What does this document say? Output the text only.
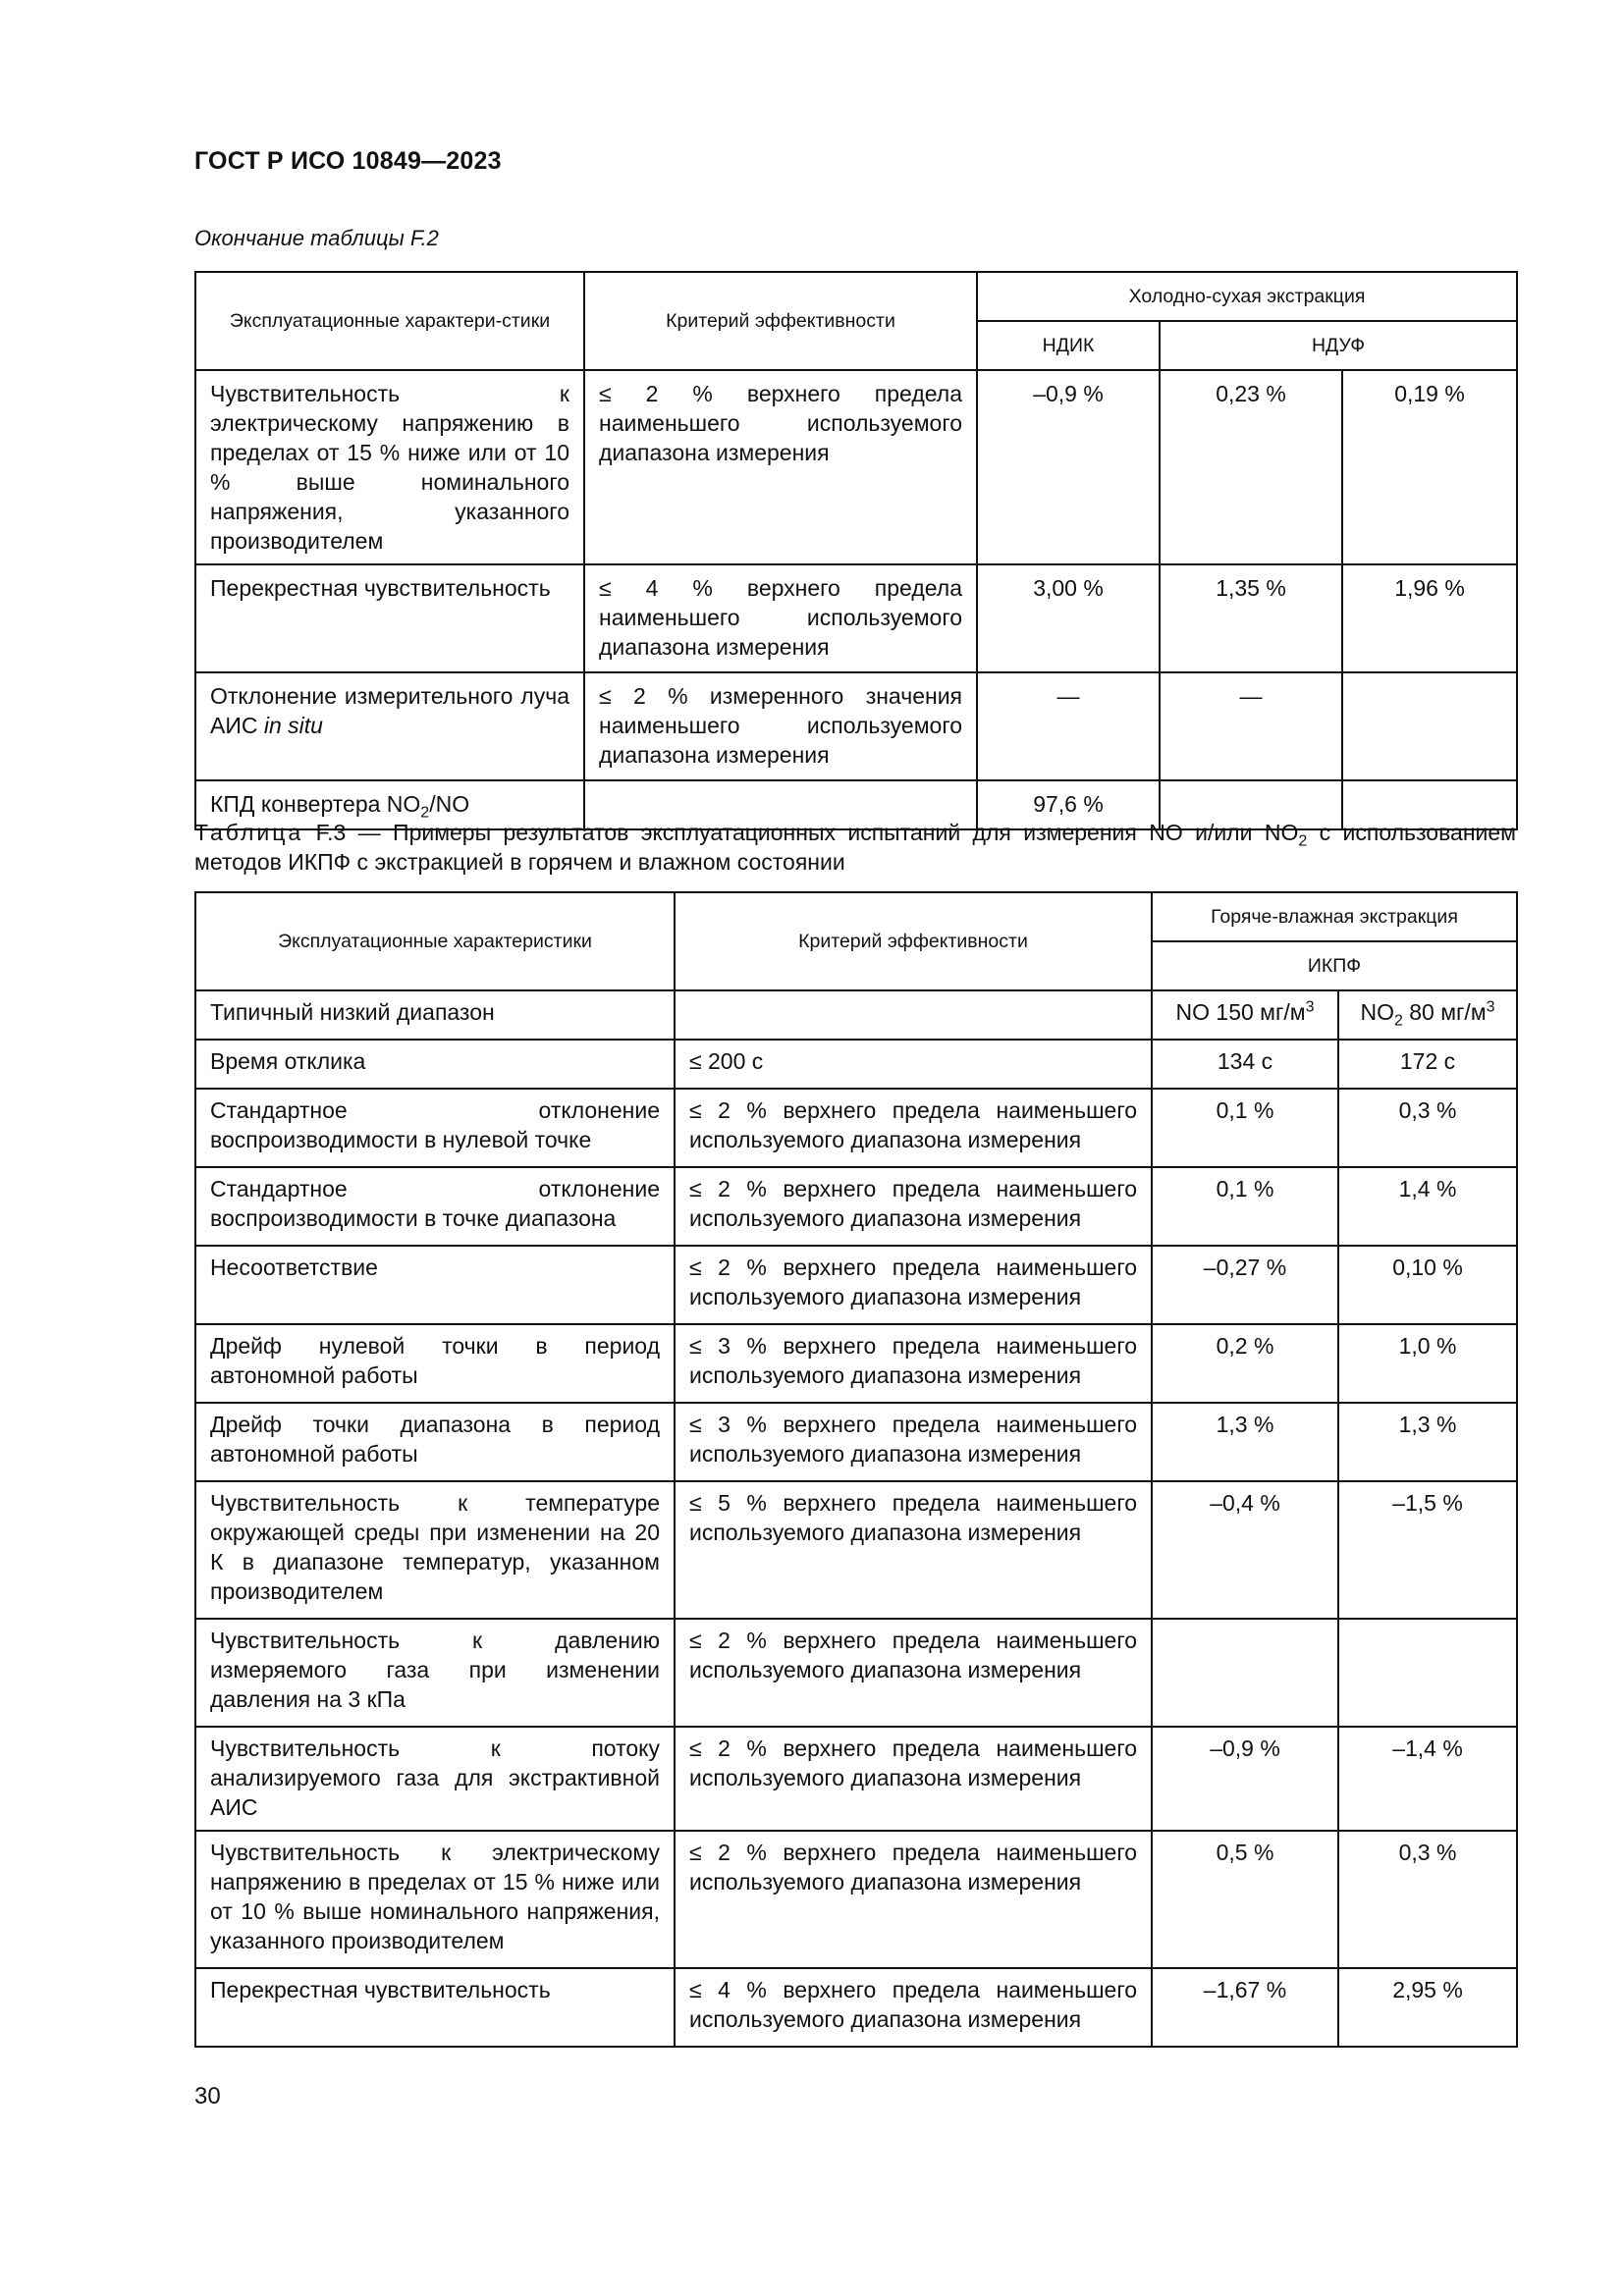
ГОСТ Р ИСО 10849—2023
Окончание таблицы F.2
Эксплуатационные характери-стики	Критерий эффективности	Холодно-сухая экстракция		
		НДИК	НДУФ	
Чувствительность к электрическому напряжению в пределах от 15 % ниже или от 10 % выше номинального напряжения, указанного производителем	≤ 2 % верхнего предела наименьшего используемого диапазона измерения	–0,9 %	0,23 %	0,19 %
Перекрестная чувствительность	≤ 4 % верхнего предела наименьшего используемого диапазона измерения	3,00 %	1,35 %	1,96 %
Отклонение измерительного луча АИС in situ	≤ 2 % измеренного значения наименьшего используемого диапазона измерения	—	—	
КПД конвертера $NO_2/NO$		97,6 %		
Таблица F.3 — Примеры результатов эксплуатационных испытаний для измерения NO и/или $NO_2$ с использованием методов ИКПФ с экстракцией в горячем и влажном состоянии
Эксплуатационные характеристики	Критерий эффективности	Горяче-влажная экстракция	
		ИКПФ	
Типичный низкий диапазон		NO 150 $мг/м^3$	$NO_2$ 80 $мг/м^3$
Время отклика	≤ 200 с	134 с	172 с
Стандартное отклонение воспроизводимости в нулевой точке	≤ 2 % верхнего предела наименьшего используемого диапазона измерения	0,1 %	0,3 %
Стандартное отклонение воспроизводимости в точке диапазона	≤ 2 % верхнего предела наименьшего используемого диапазона измерения	0,1 %	1,4 %
Несоответствие	≤ 2 % верхнего предела наименьшего используемого диапазона измерения	–0,27 %	0,10 %
Дрейф нулевой точки в период автономной работы	≤ 3 % верхнего предела наименьшего используемого диапазона измерения	0,2 %	1,0 %
Дрейф точки диапазона в период автономной работы	≤ 3 % верхнего предела наименьшего используемого диапазона измерения	1,3 %	1,3 %
Чувствительность к температуре окружающей среды при изменении на 20 К в диапазоне температур, указанном производителем	≤ 5 % верхнего предела наименьшего используемого диапазона измерения	–0,4 %	–1,5 %
Чувствительность к давлению измеряемого газа при изменении давления на 3 кПа	≤ 2 % верхнего предела наименьшего используемого диапазона измерения		
Чувствительность к потоку анализируемого газа для экстрактивной АИС	≤ 2 % верхнего предела наименьшего используемого диапазона измерения	–0,9 %	–1,4 %
Чувствительность к электрическому напряжению в пределах от 15 % ниже или от 10 % выше номинального напряжения, указанного производителем	≤ 2 % верхнего предела наименьшего используемого диапазона измерения	0,5 %	0,3 %
Перекрестная чувствительность	≤ 4 % верхнего предела наименьшего используемого диапазона измерения	–1,67 %	2,95 %
30
